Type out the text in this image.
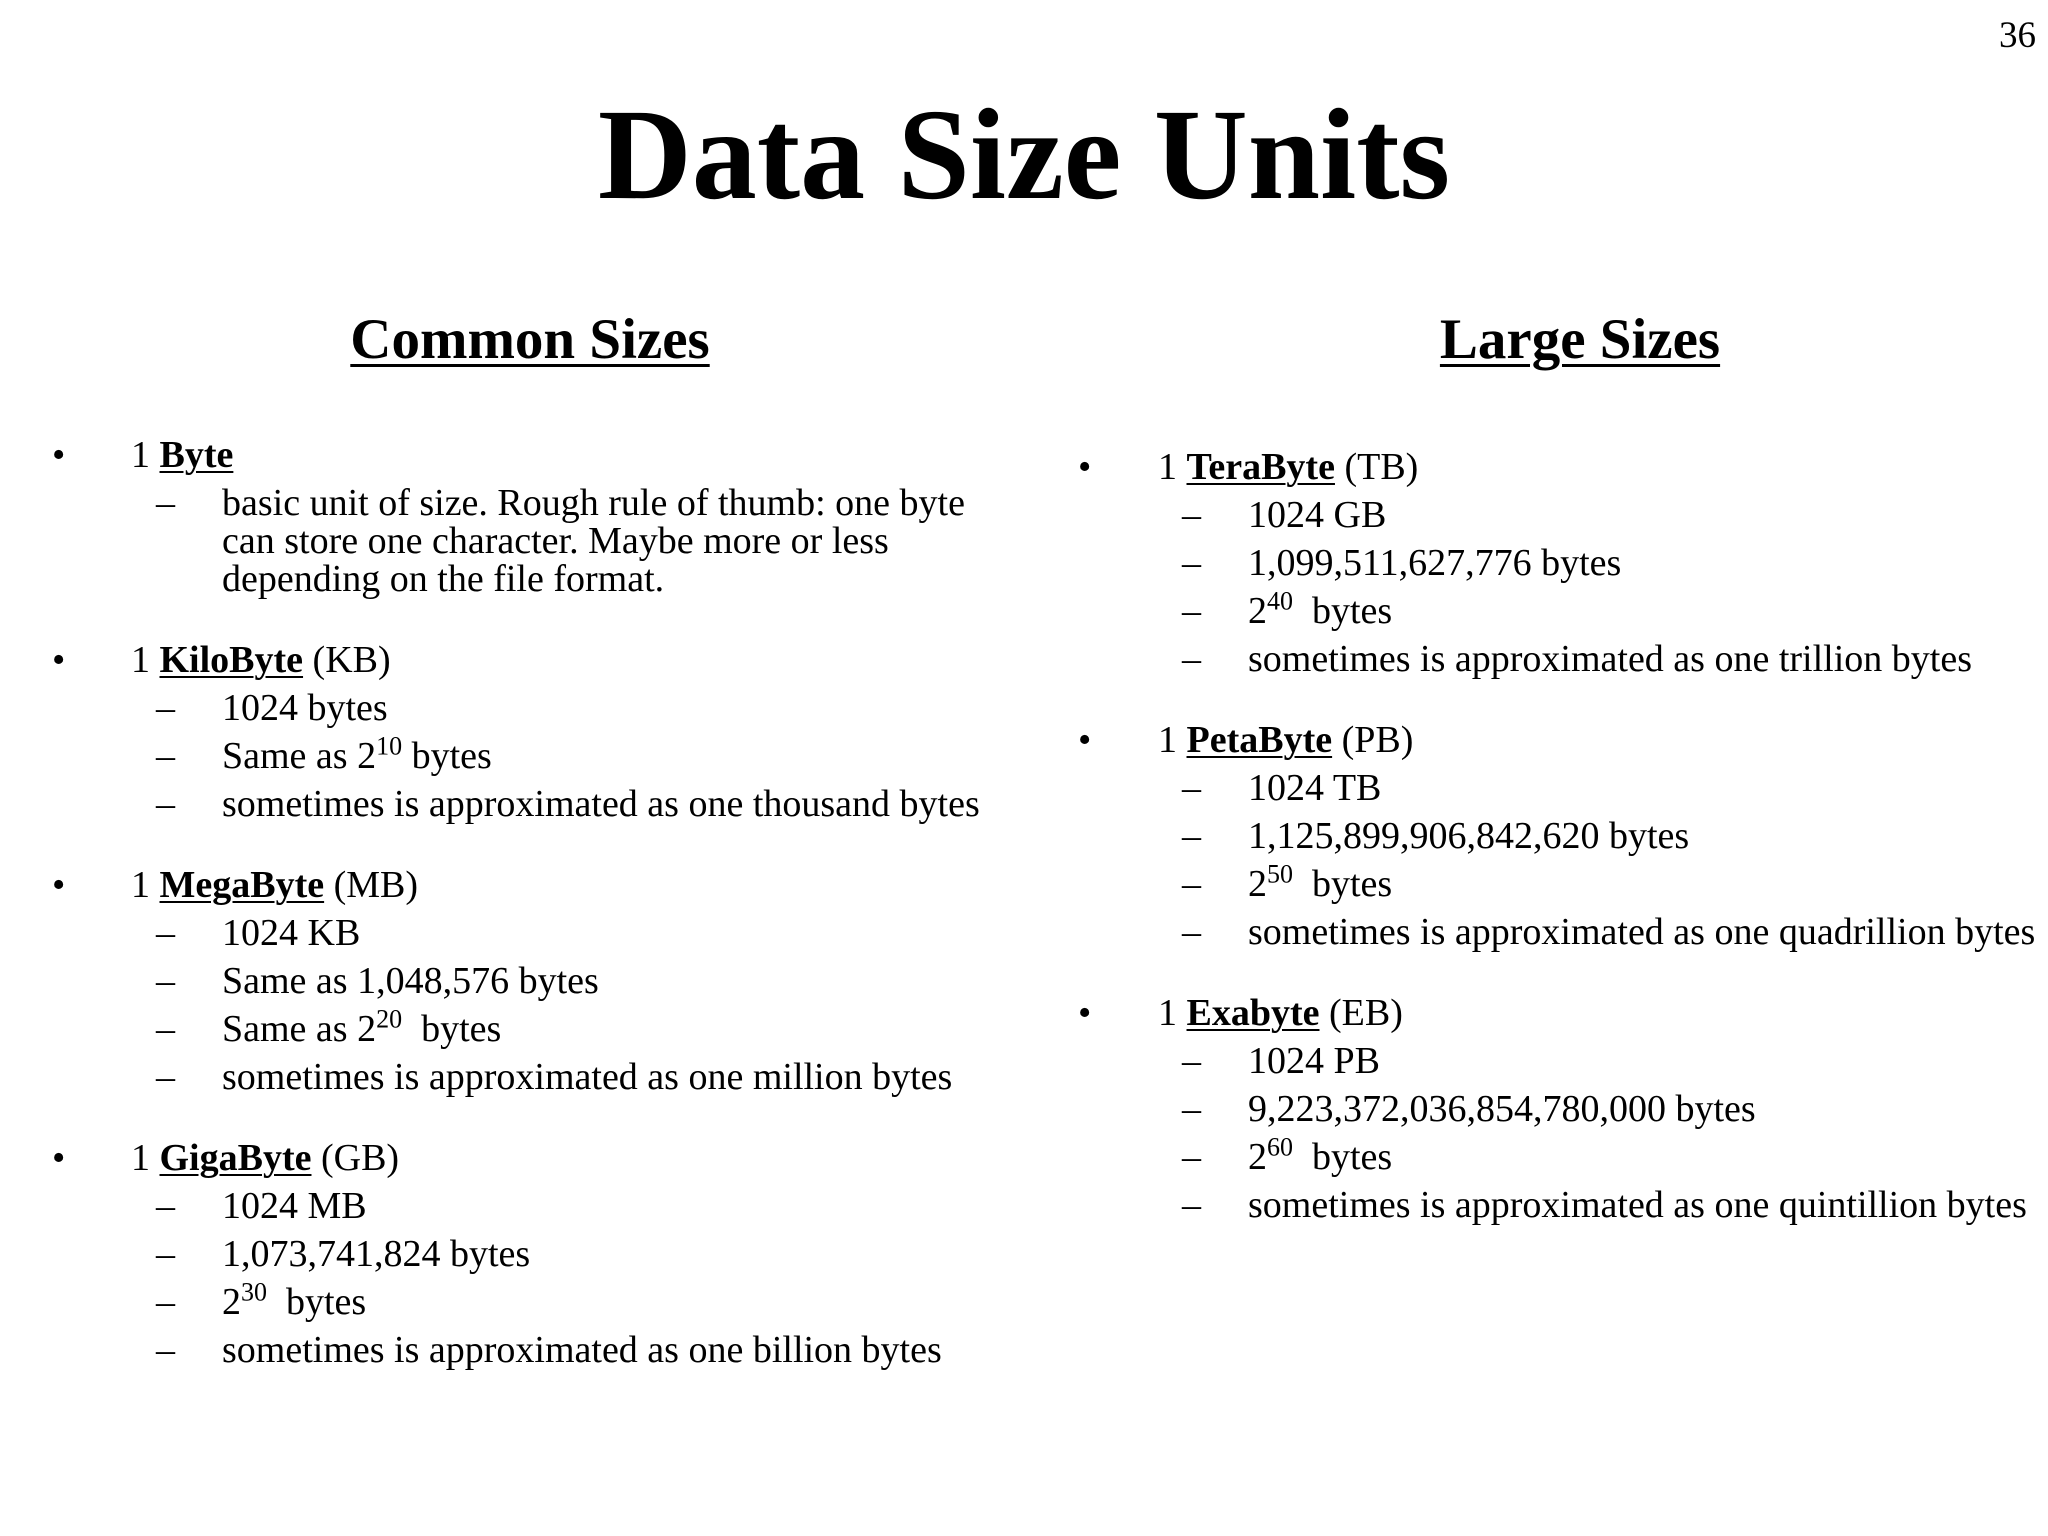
36
Data Size Units
Common Sizes
• 1 Byte
– basic unit of size. Rough rule of thumb: one byte can store one character. Maybe more or less depending on the file format.
• 1 KiloByte (KB)
– 1024 bytes
– Same as $2^{10}$ bytes
– sometimes is approximated as one thousand bytes
• 1 MegaByte (MB)
– 1024 KB
– Same as 1,048,576 bytes
– Same as $2^{20}$  bytes
– sometimes is approximated as one million bytes
• 1 GigaByte (GB)
– 1024 MB
– 1,073,741,824 bytes
– $2^{30}$  bytes
– sometimes is approximated as one billion bytes
Large Sizes
• 1 TeraByte (TB)
– 1024 GB
– 1,099,511,627,776 bytes
– $2^{40}$  bytes
– sometimes is approximated as one trillion bytes
• 1 PetaByte (PB)
– 1024 TB
– 1,125,899,906,842,620 bytes
– $2^{50}$  bytes
– sometimes is approximated as one quadrillion bytes
• 1 Exabyte (EB)
– 1024 PB
– 9,223,372,036,854,780,000 bytes
– $2^{60}$  bytes
– sometimes is approximated as one quintillion bytes
